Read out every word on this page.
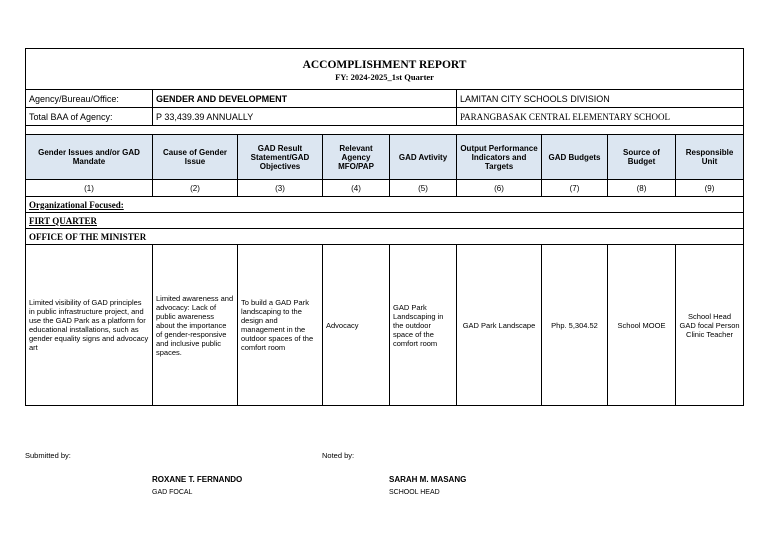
ACCOMPLISHMENT REPORT
FY: 2024-2025_1st Quarter								

Agency/Bureau/Office:	GENDER AND DEVELOPMENT				LAMITAN CITY SCHOOLS DIVISION			
Total BAA of Agency:	P 33,439.39 ANNUALLY				PARANGBASAK CENTRAL ELEMENTARY SCHOOL			

Gender Issues and/or GAD Mandate	Cause of Gender Issue	GAD Result Statement/GAD Objectives	Relevant Agency MFO/PAP	GAD Avtivity	Output Performance Indicators and Targets	GAD Budgets	Source of Budget	Responsible Unit
(1)	(2)	(3)	(4)	(5)	(6)	(7)	(8)	(9)
Organizational Focused:								
FIRT QUARTER								
OFFICE OF THE MINISTER								
Limited visibility of GAD principles in public infrastructure project, and use the GAD Park as a platform for educational installations, such as gender equality signs and advocacy art	Limited awareness and advocacy: Lack of public awareness about the importance of gender-responsive and inclusive public spaces.	To build a GAD Park landscaping to the design and management in the outdoor spaces of the comfort room	Advocacy	GAD Park Landscaping in the outdoor space of the comfort room	GAD Park Landscape	Php. 5,304.52	School MOOE	School Head GAD focal Person Clinic Teacher
Submitted by:	Noted by:
ROXANE T. FERNANDO
GAD FOCAL
SARAH M. MASANG
SCHOOL HEAD
